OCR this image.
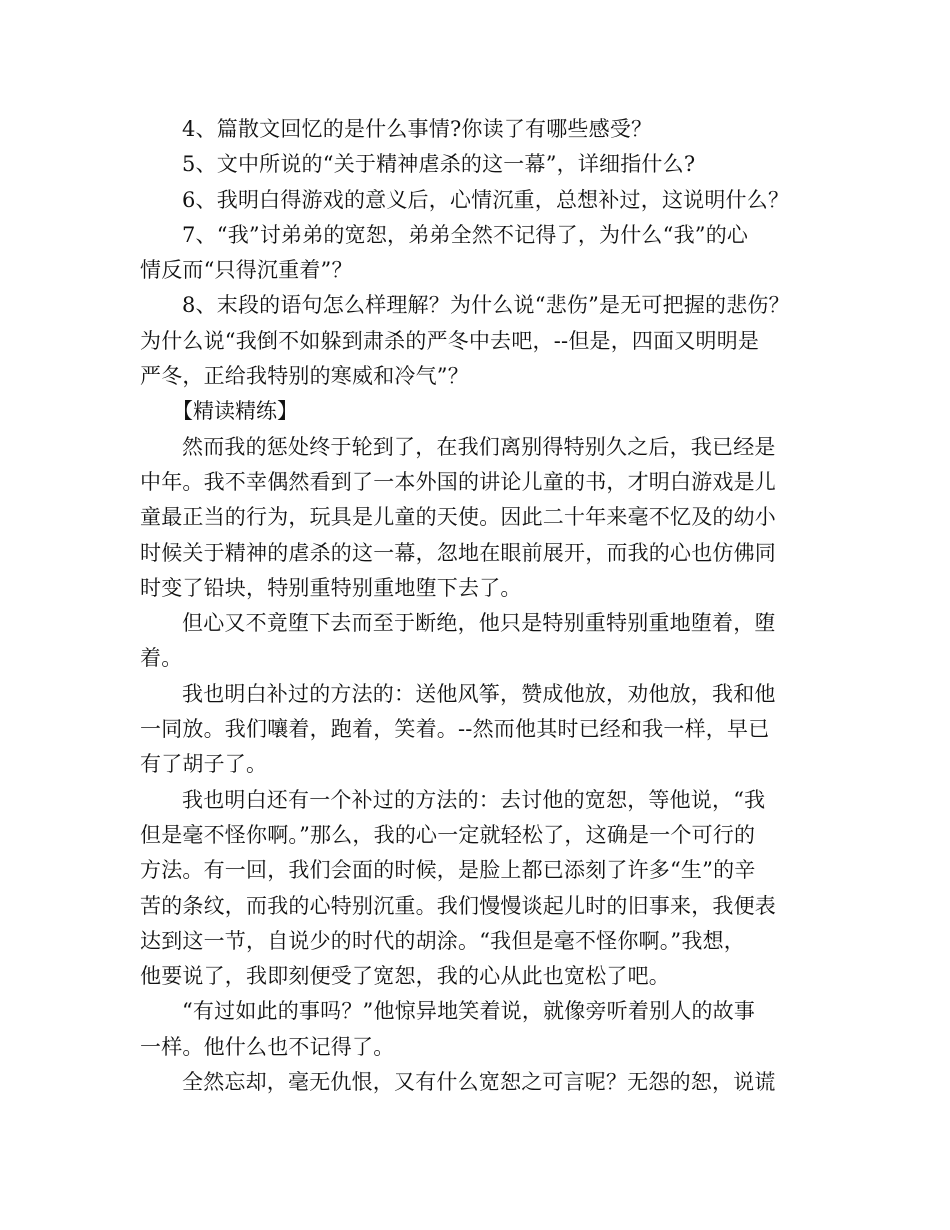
4、篇散文回忆的是什么事情?你读了有哪些感受？
5、文中所说的“关于精神虐杀的这一幕”，详细指什么?
6、我明白得游戏的意义后，心情沉重，总想补过，这说明什么？
7、“我”讨弟弟的宽恕，弟弟全然不记得了，为什么“我”的心
情反而“只得沉重着”？
8、末段的语句怎么样理解？为什么说“悲伤”是无可把握的悲伤？
为什么说“我倒不如躲到肃杀的严冬中去吧，--但是，四面又明明是
严冬，正给我特别的寒威和冷气”？
【精读精练】
然而我的惩处终于轮到了，在我们离别得特别久之后，我已经是
中年。我不幸偶然看到了一本外国的讲论儿童的书，才明白游戏是儿
童最正当的行为，玩具是儿童的天使。因此二十年来毫不忆及的幼小
时候关于精神的虐杀的这一幕，忽地在眼前展开，而我的心也仿佛同
时变了铅块，特别重特别重地堕下去了。
但心又不竟堕下去而至于断绝，他只是特别重特别重地堕着，堕
着。
我也明白补过的方法的：送他风筝，赞成他放，劝他放，我和他
一同放。我们嚷着，跑着，笑着。--然而他其时已经和我一样，早已
有了胡子了。
我也明白还有一个补过的方法的：去讨他的宽恕，等他说，“我
但是毫不怪你啊。”那么，我的心一定就轻松了，这确是一个可行的
方法。有一回，我们会面的时候，是脸上都已添刻了许多“生”的辛
苦的条纹，而我的心特别沉重。我们慢慢谈起儿时的旧事来，我便表
达到这一节，自说少的时代的胡涂。“我但是毫不怪你啊。”我想，
他要说了，我即刻便受了宽恕，我的心从此也宽松了吧。
“有过如此的事吗？”他惊异地笑着说，就像旁听着别人的故事
一样。他什么也不记得了。
全然忘却，毫无仇恨，又有什么宽恕之可言呢？无怨的恕，说谎
